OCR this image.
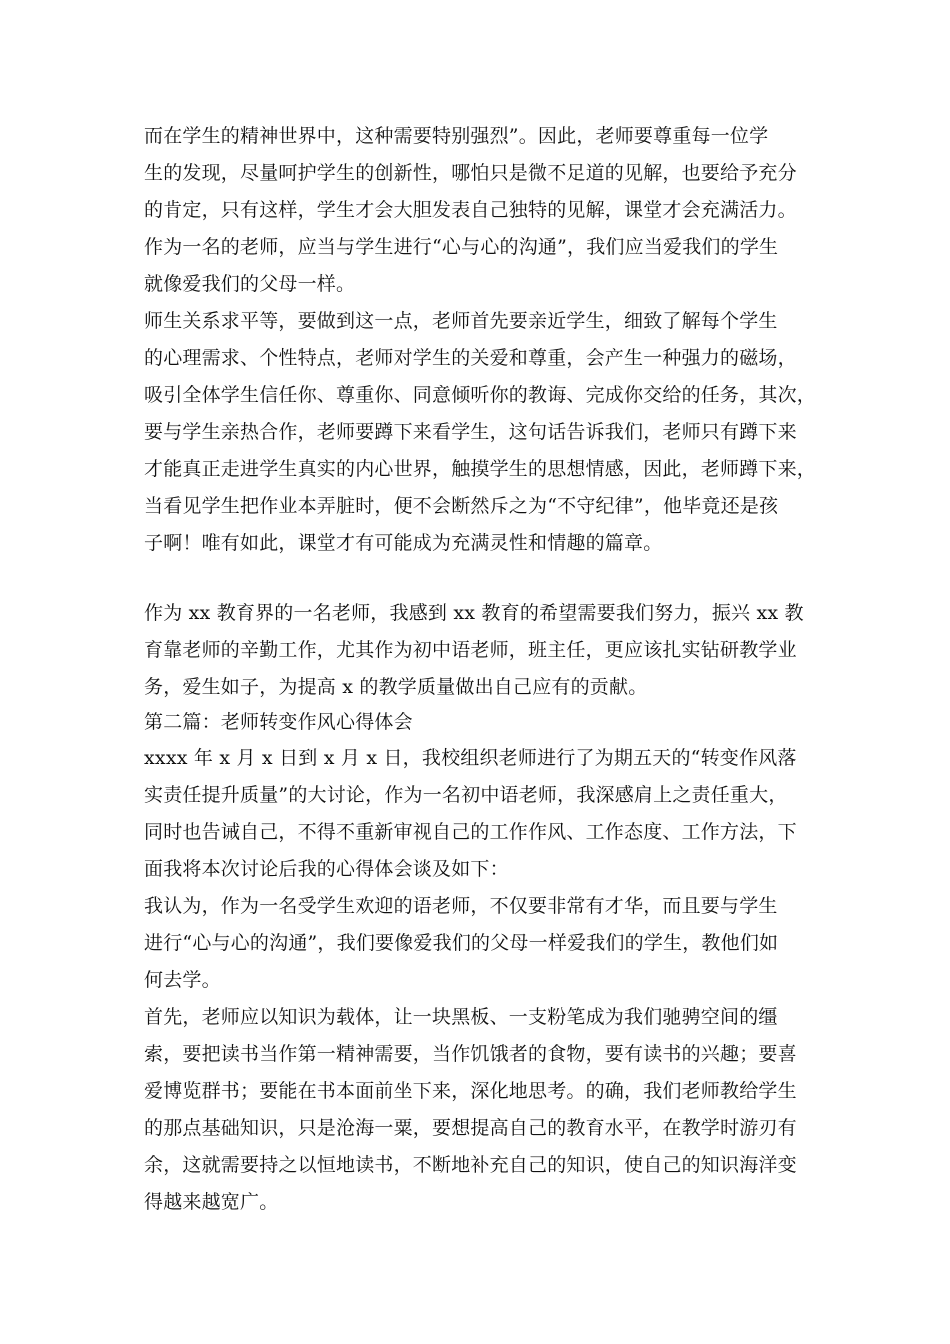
而在学生的精神世界中，这种需要特别强烈”。因此，老师要尊重每一位学
生的发现，尽量呵护学生的创新性，哪怕只是微不足道的见解，也要给予充分
的肯定，只有这样，学生才会大胆发表自己独特的见解，课堂才会充满活力。
作为一名的老师，应当与学生进行“心与心的沟通”，我们应当爱我们的学生
就像爱我们的父母一样。
师生关系求平等，要做到这一点，老师首先要亲近学生，细致了解每个学生
的心理需求、个性特点，老师对学生的关爱和尊重，会产生一种强力的磁场，
吸引全体学生信任你、尊重你、同意倾听你的教诲、完成你交给的任务，其次，
要与学生亲热合作，老师要蹲下来看学生，这句话告诉我们，老师只有蹲下来
才能真正走进学生真实的内心世界，触摸学生的思想情感，因此，老师蹲下来，
当看见学生把作业本弄脏时，便不会断然斥之为“不守纪律”，他毕竟还是孩
子啊！唯有如此，课堂才有可能成为充满灵性和情趣的篇章。
作为 xx 教育界的一名老师，我感到 xx 教育的希望需要我们努力，振兴 xx 教
育靠老师的辛勤工作，尤其作为初中语老师，班主任，更应该扎实钻研教学业
务，爱生如子，为提高 x 的教学质量做出自己应有的贡献。
第二篇：老师转变作风心得体会
xxxx 年 x 月 x 日到 x 月 x 日，我校组织老师进行了为期五天的“转变作风落
实责任提升质量”的大讨论，作为一名初中语老师，我深感肩上之责任重大，
同时也告诫自己，不得不重新审视自己的工作作风、工作态度、工作方法，下
面我将本次讨论后我的心得体会谈及如下：
我认为，作为一名受学生欢迎的语老师，不仅要非常有才华，而且要与学生
进行“心与心的沟通”，我们要像爱我们的父母一样爱我们的学生，教他们如
何去学。
首先，老师应以知识为载体，让一块黑板、一支粉笔成为我们驰骋空间的缰
索，要把读书当作第一精神需要，当作饥饿者的食物，要有读书的兴趣；要喜
爱博览群书；要能在书本面前坐下来，深化地思考。的确，我们老师教给学生
的那点基础知识，只是沧海一粟，要想提高自己的教育水平，在教学时游刃有
余，这就需要持之以恒地读书，不断地补充自己的知识，使自己的知识海洋变
得越来越宽广。
